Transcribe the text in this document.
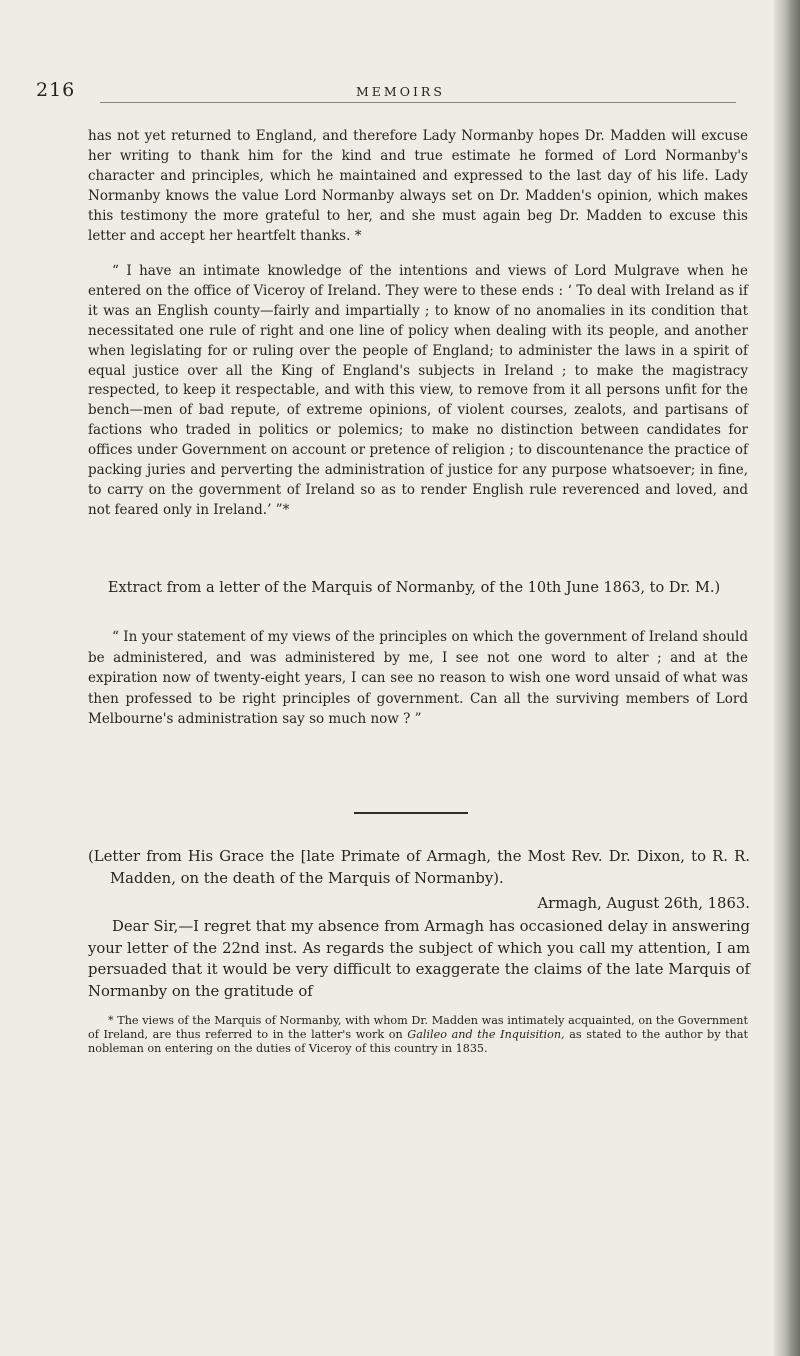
216	MEMOIRS

has not yet returned to England, and therefore Lady Normanby hopes Dr. Madden will excuse her writing to thank him for the kind and true estimate he formed of Lord Normanby's character and principles, which he maintained and expressed to the last day of his life. Lady Normanby knows the value Lord Normanby always set on Dr. Madden's opinion, which makes this testimony the more grateful to her, and she must again beg Dr. Madden to excuse this letter and accept her heartfelt thanks. *

“ I have an intimate knowledge of the intentions and views of Lord Mulgrave when he entered on the office of Viceroy of Ireland. They were to these ends : ‘ To deal with Ireland as if it was an English county—fairly and impartially ; to know of no anomalies in its condition that necessitated one rule of right and one line of policy when dealing with its people, and another when legislating for or ruling over the people of England; to administer the laws in a spirit of equal justice over all the King of England's subjects in Ireland ; to make the magistracy respected, to keep it respectable, and with this view, to remove from it all persons unfit for the bench—men of bad repute, of extreme opinions, of violent courses, zealots, and partisans of factions who traded in politics or polemics; to make no distinction between candidates for offices under Government on account or pretence of religion ; to discountenance the practice of packing juries and perverting the administration of justice for any purpose whatsoever; in fine, to carry on the government of Ireland so as to render English rule reverenced and loved, and not feared only in Ireland.’ ”*

Extract from a letter of the Marquis of Normanby, of the 10th June 1863, to Dr. M.)

“ In your statement of my views of the principles on which the government of Ireland should be administered, and was administered by me, I see not one word to alter ; and at the expiration now of twenty-eight years, I can see no reason to wish one word unsaid of what was then professed to be right principles of government. Can all the surviving members of Lord Melbourne's administration say so much now ? ”

(Letter from His Grace the [late Primate of Armagh, the Most Rev. Dr. Dixon, to R. R. Madden, on the death of the Marquis of Normanby).

Armagh, August 26th, 1863.

Dear Sir,—I regret that my absence from Armagh has occasioned delay in answering your letter of the 22nd inst. As regards the subject of which you call my attention, I am persuaded that it would be very difficult to exaggerate the claims of the late Marquis of Normanby on the gratitude of

* The views of the Marquis of Normanby, with whom Dr. Madden was intimately acquainted, on the Government of Ireland, are thus referred to in the latter's work on Galileo and the Inquisition, as stated to the author by that nobleman on entering on the duties of Viceroy of this country in 1835.
